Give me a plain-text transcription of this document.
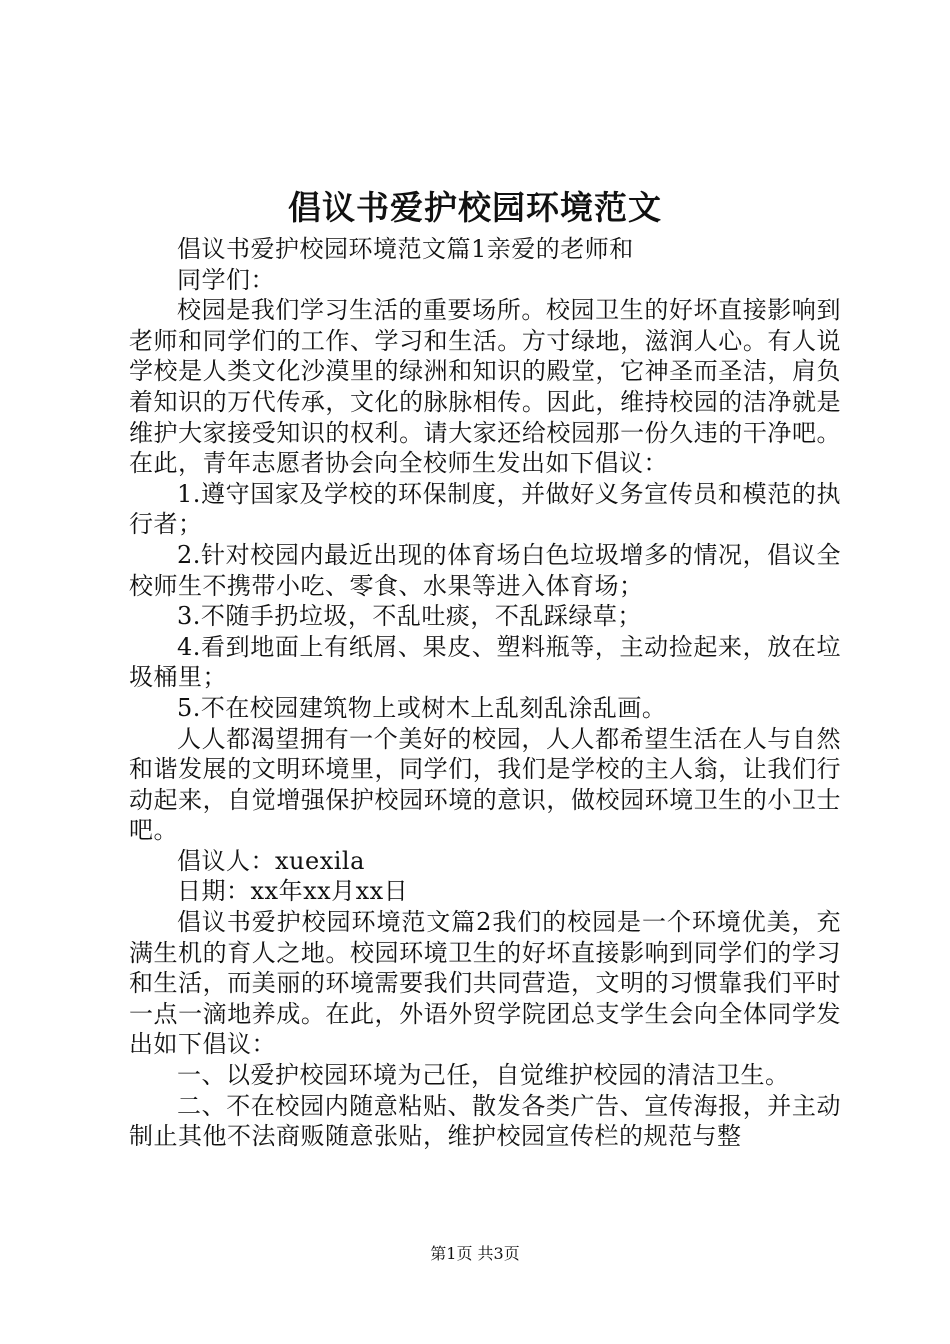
倡议书爱护校园环境范文

倡议书爱护校园环境范文篇1亲爱的老师和

同学们：

校园是我们学习生活的重要场所。校园卫生的好坏直接影响到老师和同学们的工作、学习和生活。方寸绿地，滋润人心。有人说学校是人类文化沙漠里的绿洲和知识的殿堂，它神圣而圣洁，肩负着知识的万代传承，文化的脉脉相传。因此，维持校园的洁净就是维护大家接受知识的权利。请大家还给校园那一份久违的干净吧。在此，青年志愿者协会向全校师生发出如下倡议：

1.遵守国家及学校的环保制度，并做好义务宣传员和模范的执行者；

2.针对校园内最近出现的体育场白色垃圾增多的情况，倡议全校师生不携带小吃、零食、水果等进入体育场；

3.不随手扔垃圾，不乱吐痰，不乱踩绿草；

4.看到地面上有纸屑、果皮、塑料瓶等，主动捡起来，放在垃圾桶里；

5.不在校园建筑物上或树木上乱刻乱涂乱画。

人人都渴望拥有一个美好的校园，人人都希望生活在人与自然和谐发展的文明环境里，同学们，我们是学校的主人翁，让我们行动起来，自觉增强保护校园环境的意识，做校园环境卫生的小卫士吧。

倡议人：xuexila

日期：xx年xx月xx日

倡议书爱护校园环境范文篇2我们的校园是一个环境优美，充满生机的育人之地。校园环境卫生的好坏直接影响到同学们的学习和生活，而美丽的环境需要我们共同营造，文明的习惯靠我们平时一点一滴地养成。在此，外语外贸学院团总支学生会向全体同学发出如下倡议：

一、以爱护校园环境为己任，自觉维护校园的清洁卫生。

二、不在校园内随意粘贴、散发各类广告、宣传海报，并主动制止其他不法商贩随意张贴，维护校园宣传栏的规范与整

第1页 共3页
